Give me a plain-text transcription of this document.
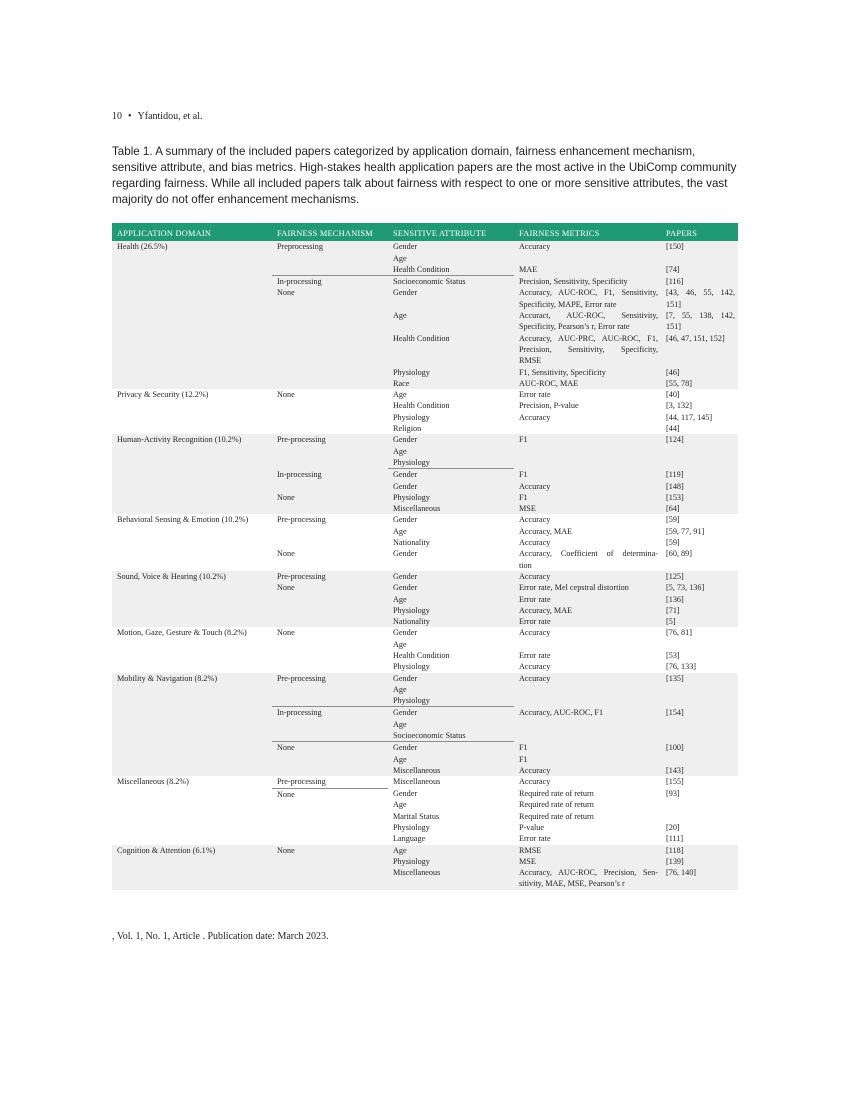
10 • Yfantidou, et al.
Table 1. A summary of the included papers categorized by application domain, fairness enhancement mechanism, sensitive attribute, and bias metrics. High-stakes health application papers are the most active in the UbiComp community regarding fairness. While all included papers talk about fairness with respect to one or more sensitive attributes, the vast majority do not offer enhancement mechanisms.
APPLICATION DOMAIN	FAIRNESS MECHANISM	SENSITIVE ATTRIBUTE	FAIRNESS METRICS	PAPERS
Health (26.5%)	Preprocessing	Gender	Accuracy	[150]
		Age		
		Health Condition	MAE	[74]
	In-processing	Socioeconomic Status	Precision, Sensitivity, Specificity	[116]
	None	Gender	Accuracy, AUC-ROC, F1, Sensitivity,	[43, 46, 55, 142,
			Specificity, MAPE, Error rate	151]
		Age	Accuract, AUC-ROC, Sensitivity,	[7, 55, 138, 142,
			Specificity, Pearson’s r, Error rate	151]
		Health Condition	Accuracy, AUC-PRC, AUC-ROC, F1,	[46, 47, 151, 152]
			Precision, Sensitivity, Specificity,	
			RMSE	
		Physiology	F1, Sensitivity, Specificity	[46]
		Race	AUC-ROC, MAE	[55, 78]
Privacy & Security (12.2%)	None	Age	Error rate	[40]
		Health Condition	Precision, P-value	[3, 132]
		Physiology	Accuracy	[44, 117, 145]
		Religion		[44]
Human-Activity Recognition (10.2%)	Pre-processing	Gender	F1	[124]
		Age		
		Physiology		
	In-processing	Gender	F1	[119]
		Gender	Accuracy	[148]
	None	Physiology	F1	[153]
		Miscellaneous	MSE	[64]
Behavioral Sensing & Emotion (10.2%)	Pre-processing	Gender	Accuracy	[59]
		Age	Accuracy, MAE	[59, 77, 91]
		Nationality	Accuracy	[59]
	None	Gender	Accuracy, Coefficient of determina-	[60, 89]
			tion	
Sound, Voice & Hearing (10.2%)	Pre-processing	Gender	Accuracy	[125]
	None	Gender	Error rate, Mel cepstral distortion	[5, 73, 136]
		Age	Error rate	[136]
		Physiology	Accuracy, MAE	[71]
		Nationality	Error rate	[5]
Motion, Gaze, Gesture & Touch (8.2%)	None	Gender	Accuracy	[76, 81]
		Age		
		Health Condition	Error rate	[53]
		Physiology	Accuracy	[76, 133]
Mobility & Navigation (8.2%)	Pre-processing	Gender	Accuracy	[135]
		Age		
		Physiology		
	In-processing	Gender	Accuracy, AUC-ROC, F1	[154]
		Age		
		Socioeconomic Status		
	None	Gender	F1	[100]
		Age	F1	
		Miscellaneous	Accuracy	[143]
Miscellaneous (8.2%)	Pre-processing	Miscellaneous	Accuracy	[155]
	None	Gender	Required rate of return	[93]
		Age	Required rate of return	
		Marital Status	Required rate of return	
		Physiology	P-value	[20]
		Language	Error rate	[111]
Cognition & Attention (6.1%)	None	Age	RMSE	[118]
		Physiology	MSE	[139]
		Miscellaneous	Accuracy, AUC-ROC, Precision, Sen-	[76, 140]
			sitivity, MAE, MSE, Pearson’s r	
, Vol. 1, No. 1, Article . Publication date: March 2023.
